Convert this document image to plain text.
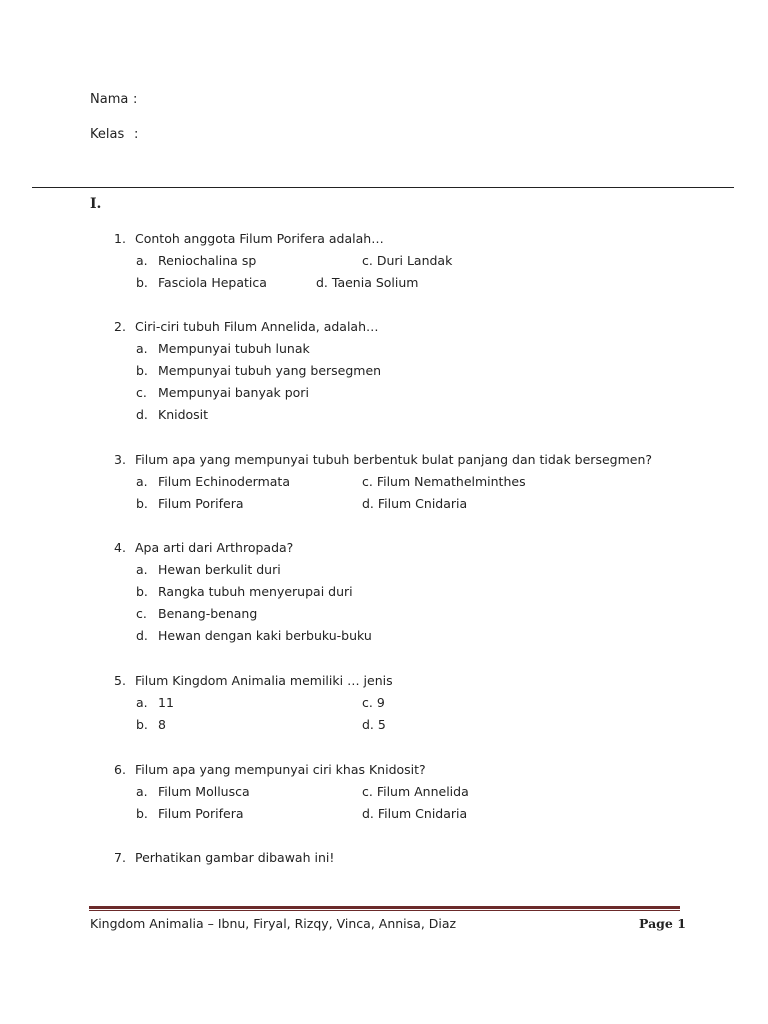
Nama :
Kelas :
I.
1. Contoh anggota Filum Porifera adalah…
a. Reniochalina sp	c. Duri Landak
b. Fasciola Hepatica	d. Taenia Solium
2. Ciri-ciri tubuh Filum Annelida, adalah…
a. Mempunyai tubuh lunak
b. Mempunyai tubuh yang bersegmen
c. Mempunyai banyak pori
d. Knidosit
3. Filum apa yang mempunyai tubuh berbentuk bulat panjang dan tidak bersegmen?
a. Filum Echinodermata	c. Filum Nemathelminthes
b. Filum Porifera	d. Filum Cnidaria
4. Apa arti dari Arthropada?
a. Hewan berkulit duri
b. Rangka tubuh menyerupai duri
c. Benang-benang
d. Hewan dengan kaki berbuku-buku
5. Filum Kingdom Animalia memiliki … jenis
a. 11	c. 9
b. 8	d. 5
6. Filum apa yang mempunyai ciri khas Knidosit?
a. Filum Mollusca	c. Filum Annelida
b. Filum Porifera	d. Filum Cnidaria
7. Perhatikan gambar dibawah ini!
Kingdom Animalia – Ibnu, Firyal, Rizqy, Vinca, Annisa, Diaz	Page 1
